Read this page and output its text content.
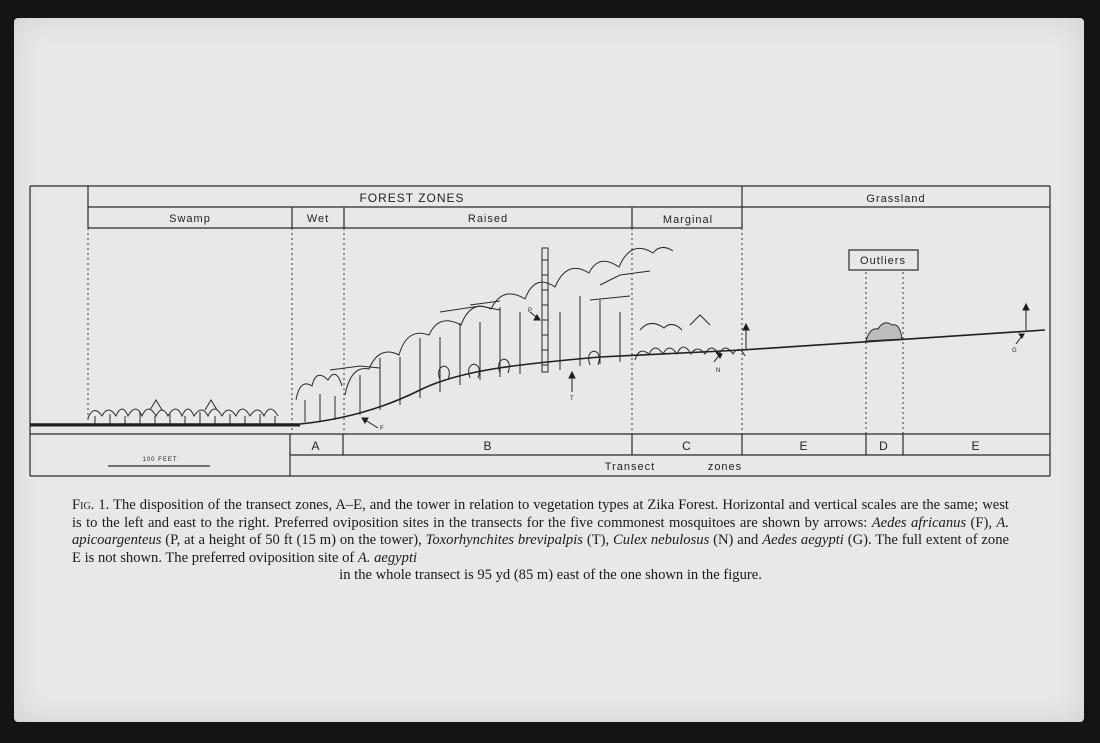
FOREST ZONES	Grassland
Swamp	Wet	Raised	Marginal
Outliers
A	B	C	E	D	E
Transect	zones
100 FEET
F
P
T
N
G
Fig. 1. The disposition of the transect zones, A–E, and the tower in relation to vegetation types at Zika Forest. Horizontal and vertical scales are the same; west is to the left and east to the right. Preferred oviposition sites in the transects for the five commonest mosquitoes are shown by arrows: Aedes africanus (F), A. apicoargenteus (P, at a height of 50 ft (15 m) on the tower), Toxorhynchites brevipalpis (T), Culex nebulosus (N) and Aedes aegypti (G). The full extent of zone E is not shown. The preferred oviposition site of A. aegypti
in the whole transect is 95 yd (85 m) east of the one shown in the figure.
